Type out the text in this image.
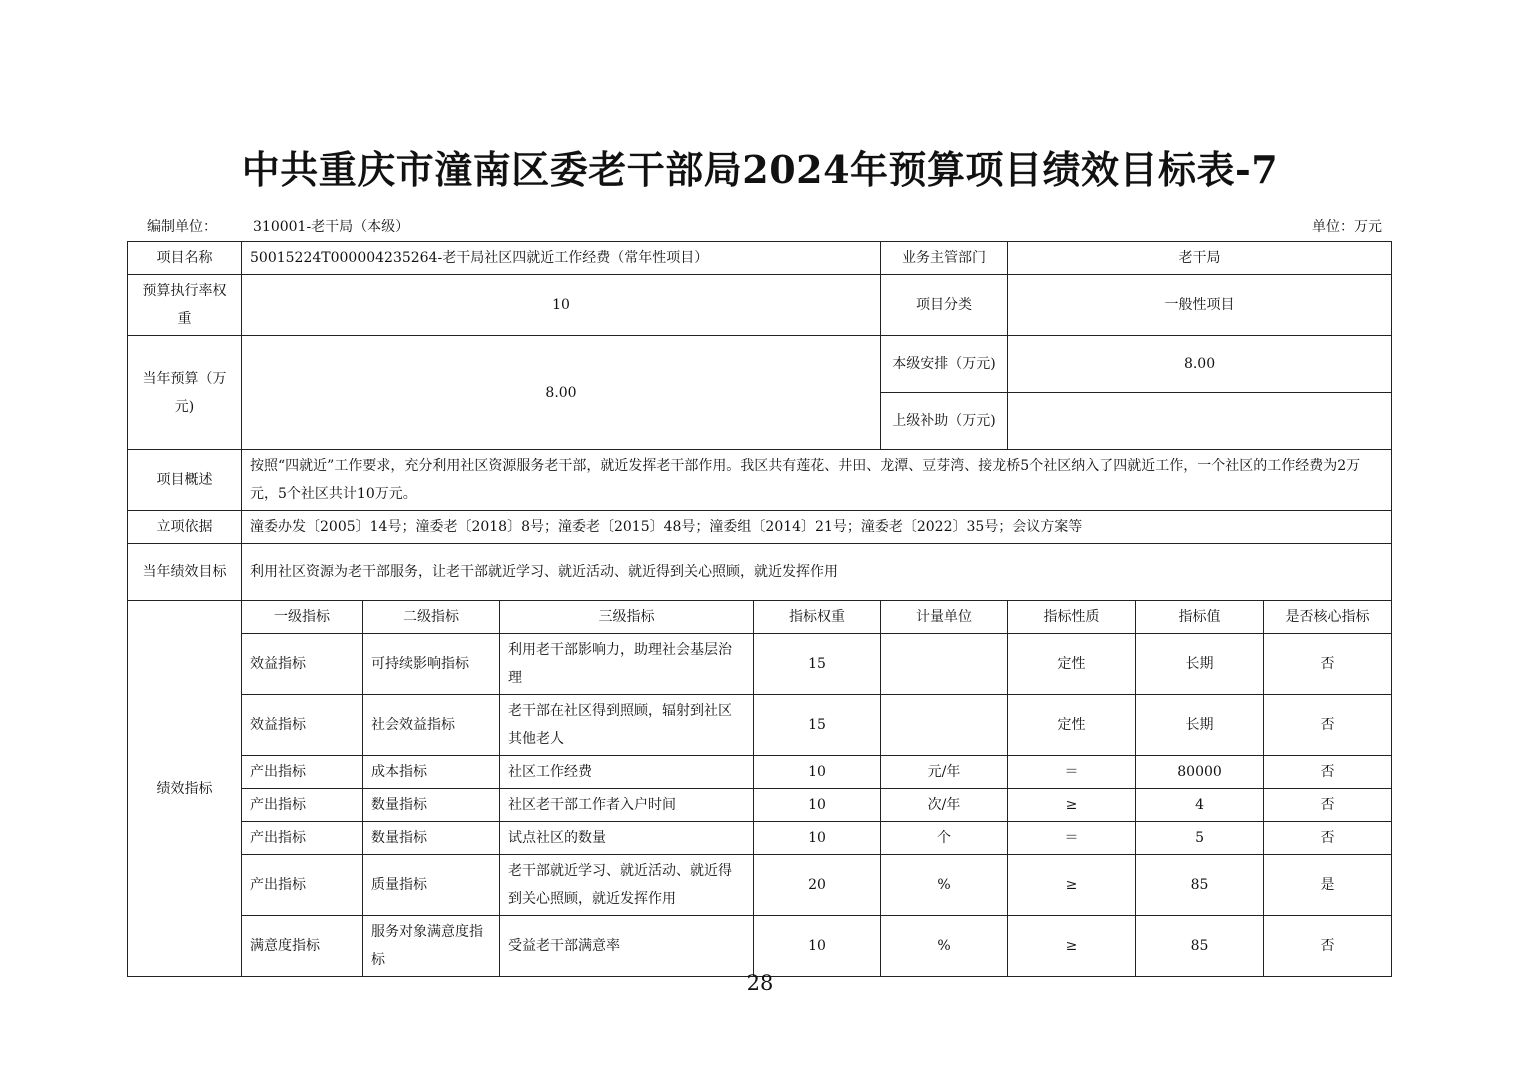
中共重庆市潼南区委老干部局2024年预算项目绩效目标表-7
编制单位：	310001-老干局（本级）	单位：万元
项目名称	50015224T000004235264-老干局社区四就近工作经费（常年性项目）				业务主管部门	老干局		
预算执行率权重	10				项目分类	一般性项目		
当年预算（万元)	8.00				本级安排（万元)	8.00		
					上级补助（万元)			
项目概述	按照“四就近”工作要求，充分利用社区资源服务老干部，就近发挥老干部作用。我区共有莲花、井田、龙潭、豆芽湾、接龙桥5个社区纳入了四就近工作，一个社区的工作经费为2万元，5个社区共计10万元。							
立项依据	潼委办发〔2005〕14号；潼委老〔2018〕8号；潼委老〔2015〕48号；潼委组〔2014〕21号；潼委老〔2022〕35号；会议方案等							
当年绩效目标	利用社区资源为老干部服务，让老干部就近学习、就近活动、就近得到关心照顾，就近发挥作用							
绩效指标	一级指标	二级指标	三级指标	指标权重	计量单位	指标性质	指标值	是否核心指标
	效益指标	可持续影响指标	利用老干部影响力，助理社会基层治理	15		定性	长期	否
	效益指标	社会效益指标	老干部在社区得到照顾，辐射到社区其他老人	15		定性	长期	否
	产出指标	成本指标	社区工作经费	10	元/年	＝	80000	否
	产出指标	数量指标	社区老干部工作者入户时间	10	次/年	≥	4	否
	产出指标	数量指标	试点社区的数量	10	个	＝	5	否
	产出指标	质量指标	老干部就近学习、就近活动、就近得到关心照顾，就近发挥作用	20	%	≥	85	是
	满意度指标	服务对象满意度指标	受益老干部满意率	10	%	≥	85	否
28
